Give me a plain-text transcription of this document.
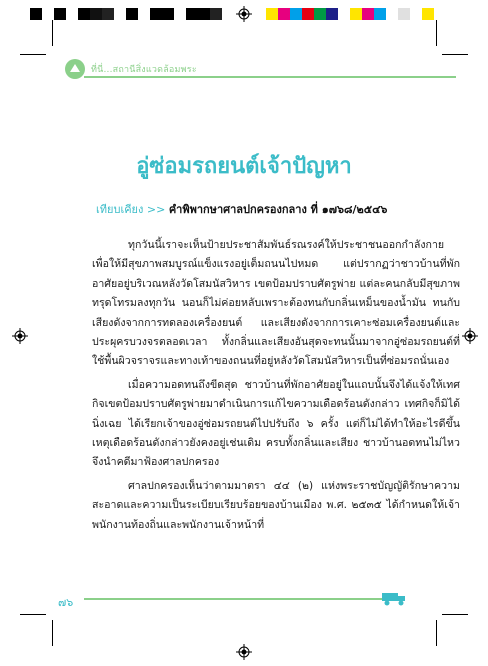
ที่นี่...สถานีสิ่งแวดล้อมพระ
อู่ซ่อมรถยนต์เจ้าปัญหา
เทียบเคียง >> คำพิพากษาศาลปกครองกลาง ที่ ๑๗๖๘/๒๕๔๖

ทุกวันนี้เราจะเห็นป้ายประชาสัมพันธ์รณรงค์ให้ประชาชนออกกำลังกาย เพื่อให้มีสุขภาพสมบูรณ์แข็งแรงอยู่เต็มถนนไปหมด แต่ปรากฏว่าชาวบ้านที่พักอาศัยอยู่บริเวณหลังวัดโสมนัสวิหาร เขตป้อมปราบศัตรูพ่าย แต่ละคนกลับมีสุขภาพทรุดโทรมลงทุกวัน นอนก็ไม่ค่อยหลับเพราะต้องทนกับกลิ่นเหม็นของน้ำมัน ทนกับเสียงดังจากการทดลองเครื่องยนต์ และเสียงดังจากการเคาะซ่อมเครื่องยนต์และประผุครบวงจรตลอดเวลา ทั้งกลิ่นและเสียงอันสุดจะทนนั้นมาจากอู่ซ่อมรถยนต์ที่ใช้พื้นผิวจราจรและทางเท้าของถนนที่อยู่หลังวัดโสมนัสวิหารเป็นที่ซ่อมรถนั่นเอง

เมื่อความอดทนถึงขีดสุด ชาวบ้านที่พักอาศัยอยู่ในแถบนั้นจึงได้แจ้งให้เทศกิจเขตป้อมปราบศัตรูพ่ายมาดำเนินการแก้ไขความเดือดร้อนดังกล่าว เทศกิจก็มิได้นิ่งเฉย ได้เรียกเจ้าของอู่ซ่อมรถยนต์ไปปรับถึง ๖ ครั้ง แต่ก็ไม่ได้ทำให้อะไรดีขึ้น เหตุเดือดร้อนดังกล่าวยังคงอยู่เช่นเดิม ครบทั้งกลิ่นและเสียง ชาวบ้านอดทนไม่ไหวจึงนำคดีมาฟ้องศาลปกครอง

ศาลปกครองเห็นว่าตามมาตรา ๔๔ (๒) แห่งพระราชบัญญัติรักษาความสะอาดและความเป็นระเบียบเรียบร้อยของบ้านเมือง พ.ศ. ๒๕๓๕ ได้กำหนดให้เจ้าพนักงานท้องถิ่นและพนักงานเจ้าหน้าที่

๗๖
